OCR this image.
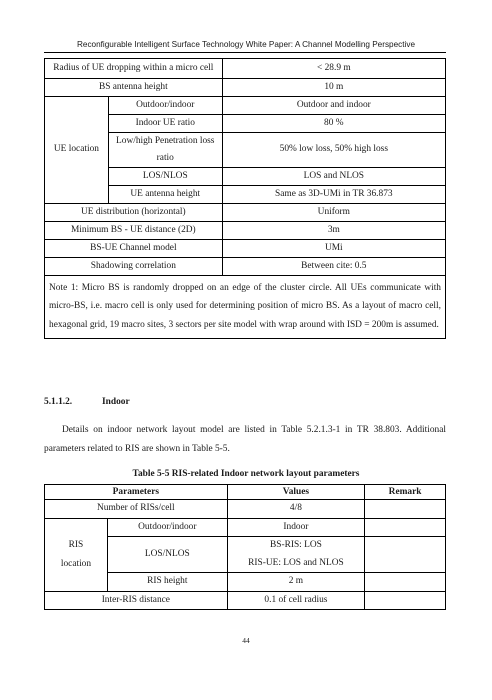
Reconfigurable Intelligent Surface Technology White Paper: A Channel Modelling Perspective
Radius of UE dropping within a micro cell		< 28.9 m
BS antenna height		10 m
UE location	Outdoor/indoor	Outdoor and indoor
	Indoor UE ratio	80 %
	Low/high Penetration loss ratio	50% low loss, 50% high loss
	LOS/NLOS	LOS and NLOS
	UE antenna height	Same as 3D-UMi in TR 36.873
UE distribution (horizontal)		Uniform
Minimum BS - UE distance (2D)		3m
BS-UE Channel model		UMi
Shadowing correlation		Between cite: 0.5
Note 1: Micro BS is randomly dropped on an edge of the cluster circle. All UEs communicate with micro-BS, i.e. macro cell is only used for determining position of micro BS. As a layout of macro cell, hexagonal grid, 19 macro sites, 3 sectors per site model with wrap around with ISD = 200m is assumed.		
5.1.1.2.	Indoor
Details on indoor network layout model are listed in Table 5.2.1.3-1 in TR 38.803. Additional parameters related to RIS are shown in Table 5-5.
Table 5-5 RIS-related Indoor network layout parameters
Parameters		Values	Remark
Number of RISs/cell		4/8	
RIS location	Outdoor/indoor	Indoor	
	LOS/NLOS	BS-RIS: LOS	
		RIS-UE: LOS and NLOS	
	RIS height	2 m	
Inter-RIS distance		0.1 of cell radius	
44
